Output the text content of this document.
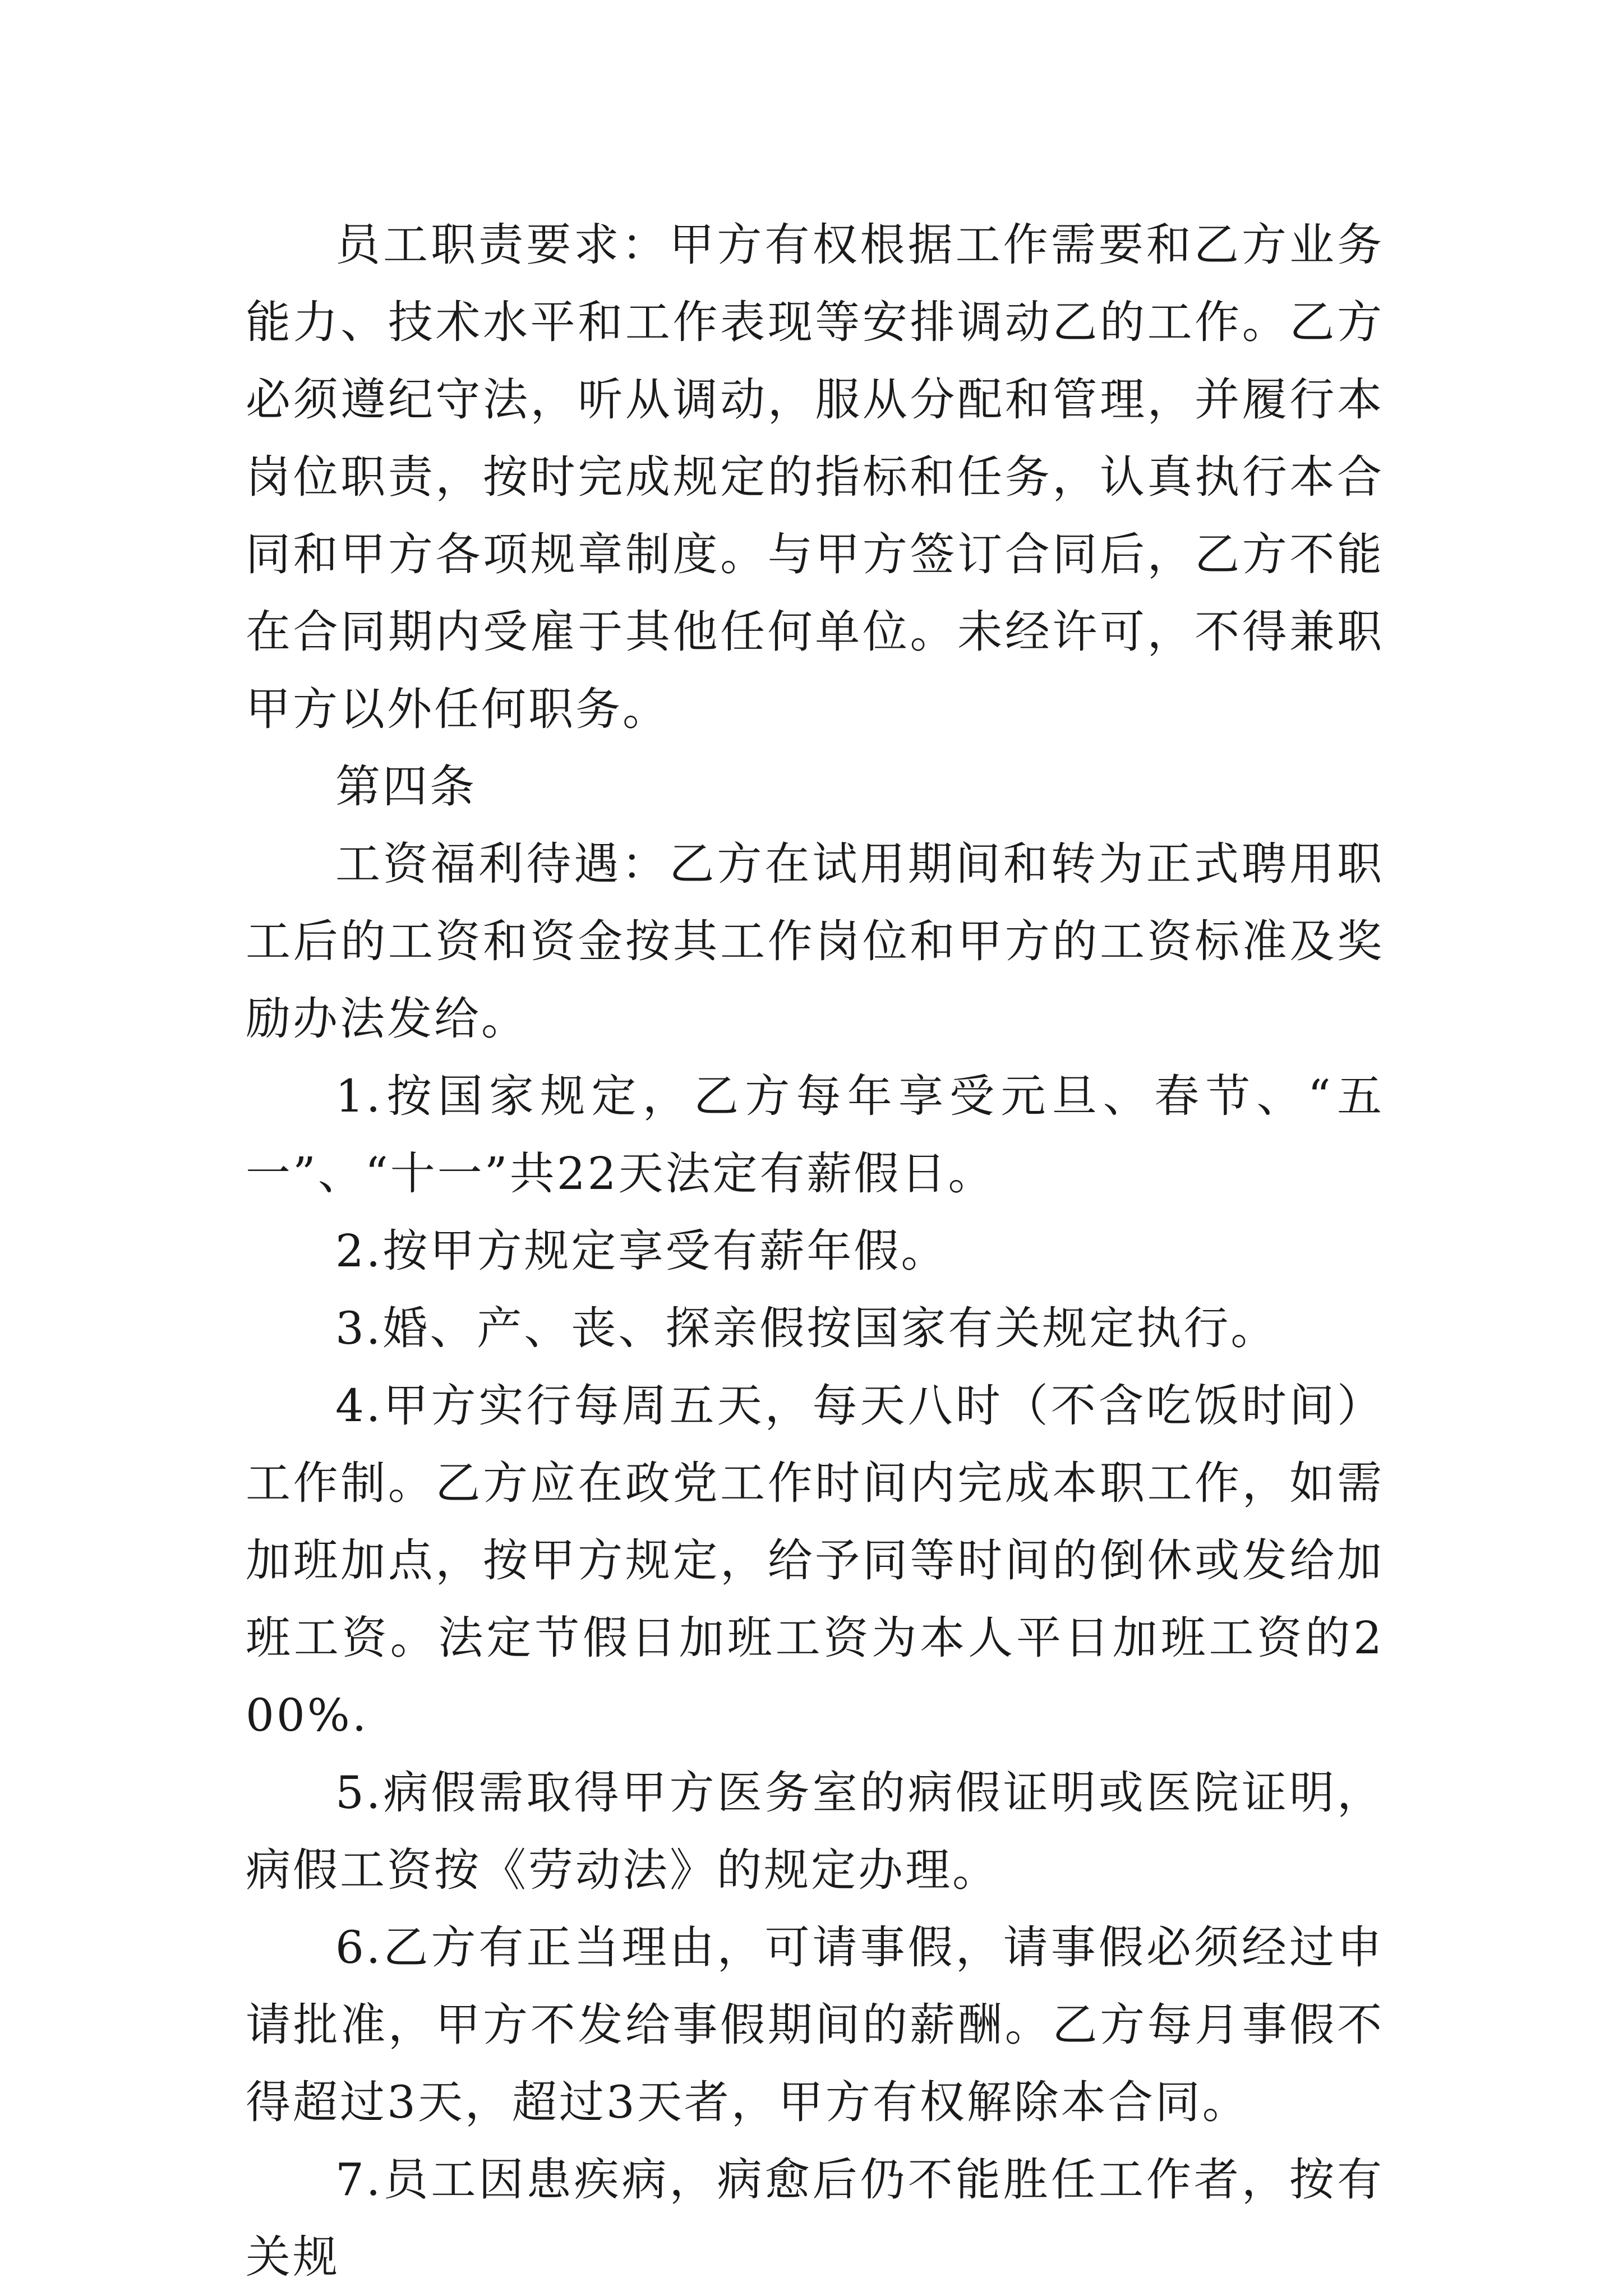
员工职责要求：甲方有权根据工作需要和乙方业务能力、技术水平和工作表现等安排调动乙的工作。乙方必须遵纪守法，听从调动，服从分配和管理，并履行本岗位职责，按时完成规定的指标和任务，认真执行本合同和甲方各项规章制度。与甲方签订合同后，乙方不能在合同期内受雇于其他任何单位。未经许可，不得兼职甲方以外任何职务。

第四条

工资福利待遇：乙方在试用期间和转为正式聘用职工后的工资和资金按其工作岗位和甲方的工资标准及奖励办法发给。

1.按国家规定，乙方每年享受元旦、春节、“五一”、“十一”共22天法定有薪假日。

2.按甲方规定享受有薪年假。

3.婚、产、丧、探亲假按国家有关规定执行。

4.甲方实行每周五天，每天八时（不含吃饭时间）工作制。乙方应在政党工作时间内完成本职工作，如需加班加点，按甲方规定，给予同等时间的倒休或发给加班工资。法定节假日加班工资为本人平日加班工资的200%.

5.病假需取得甲方医务室的病假证明或医院证明，病假工资按《劳动法》的规定办理。

6.乙方有正当理由，可请事假，请事假必须经过申请批准，甲方不发给事假期间的薪酬。乙方每月事假不得超过3天，超过3天者，甲方有权解除本合同。

7.员工因患疾病，病愈后仍不能胜任工作者，按有关规
